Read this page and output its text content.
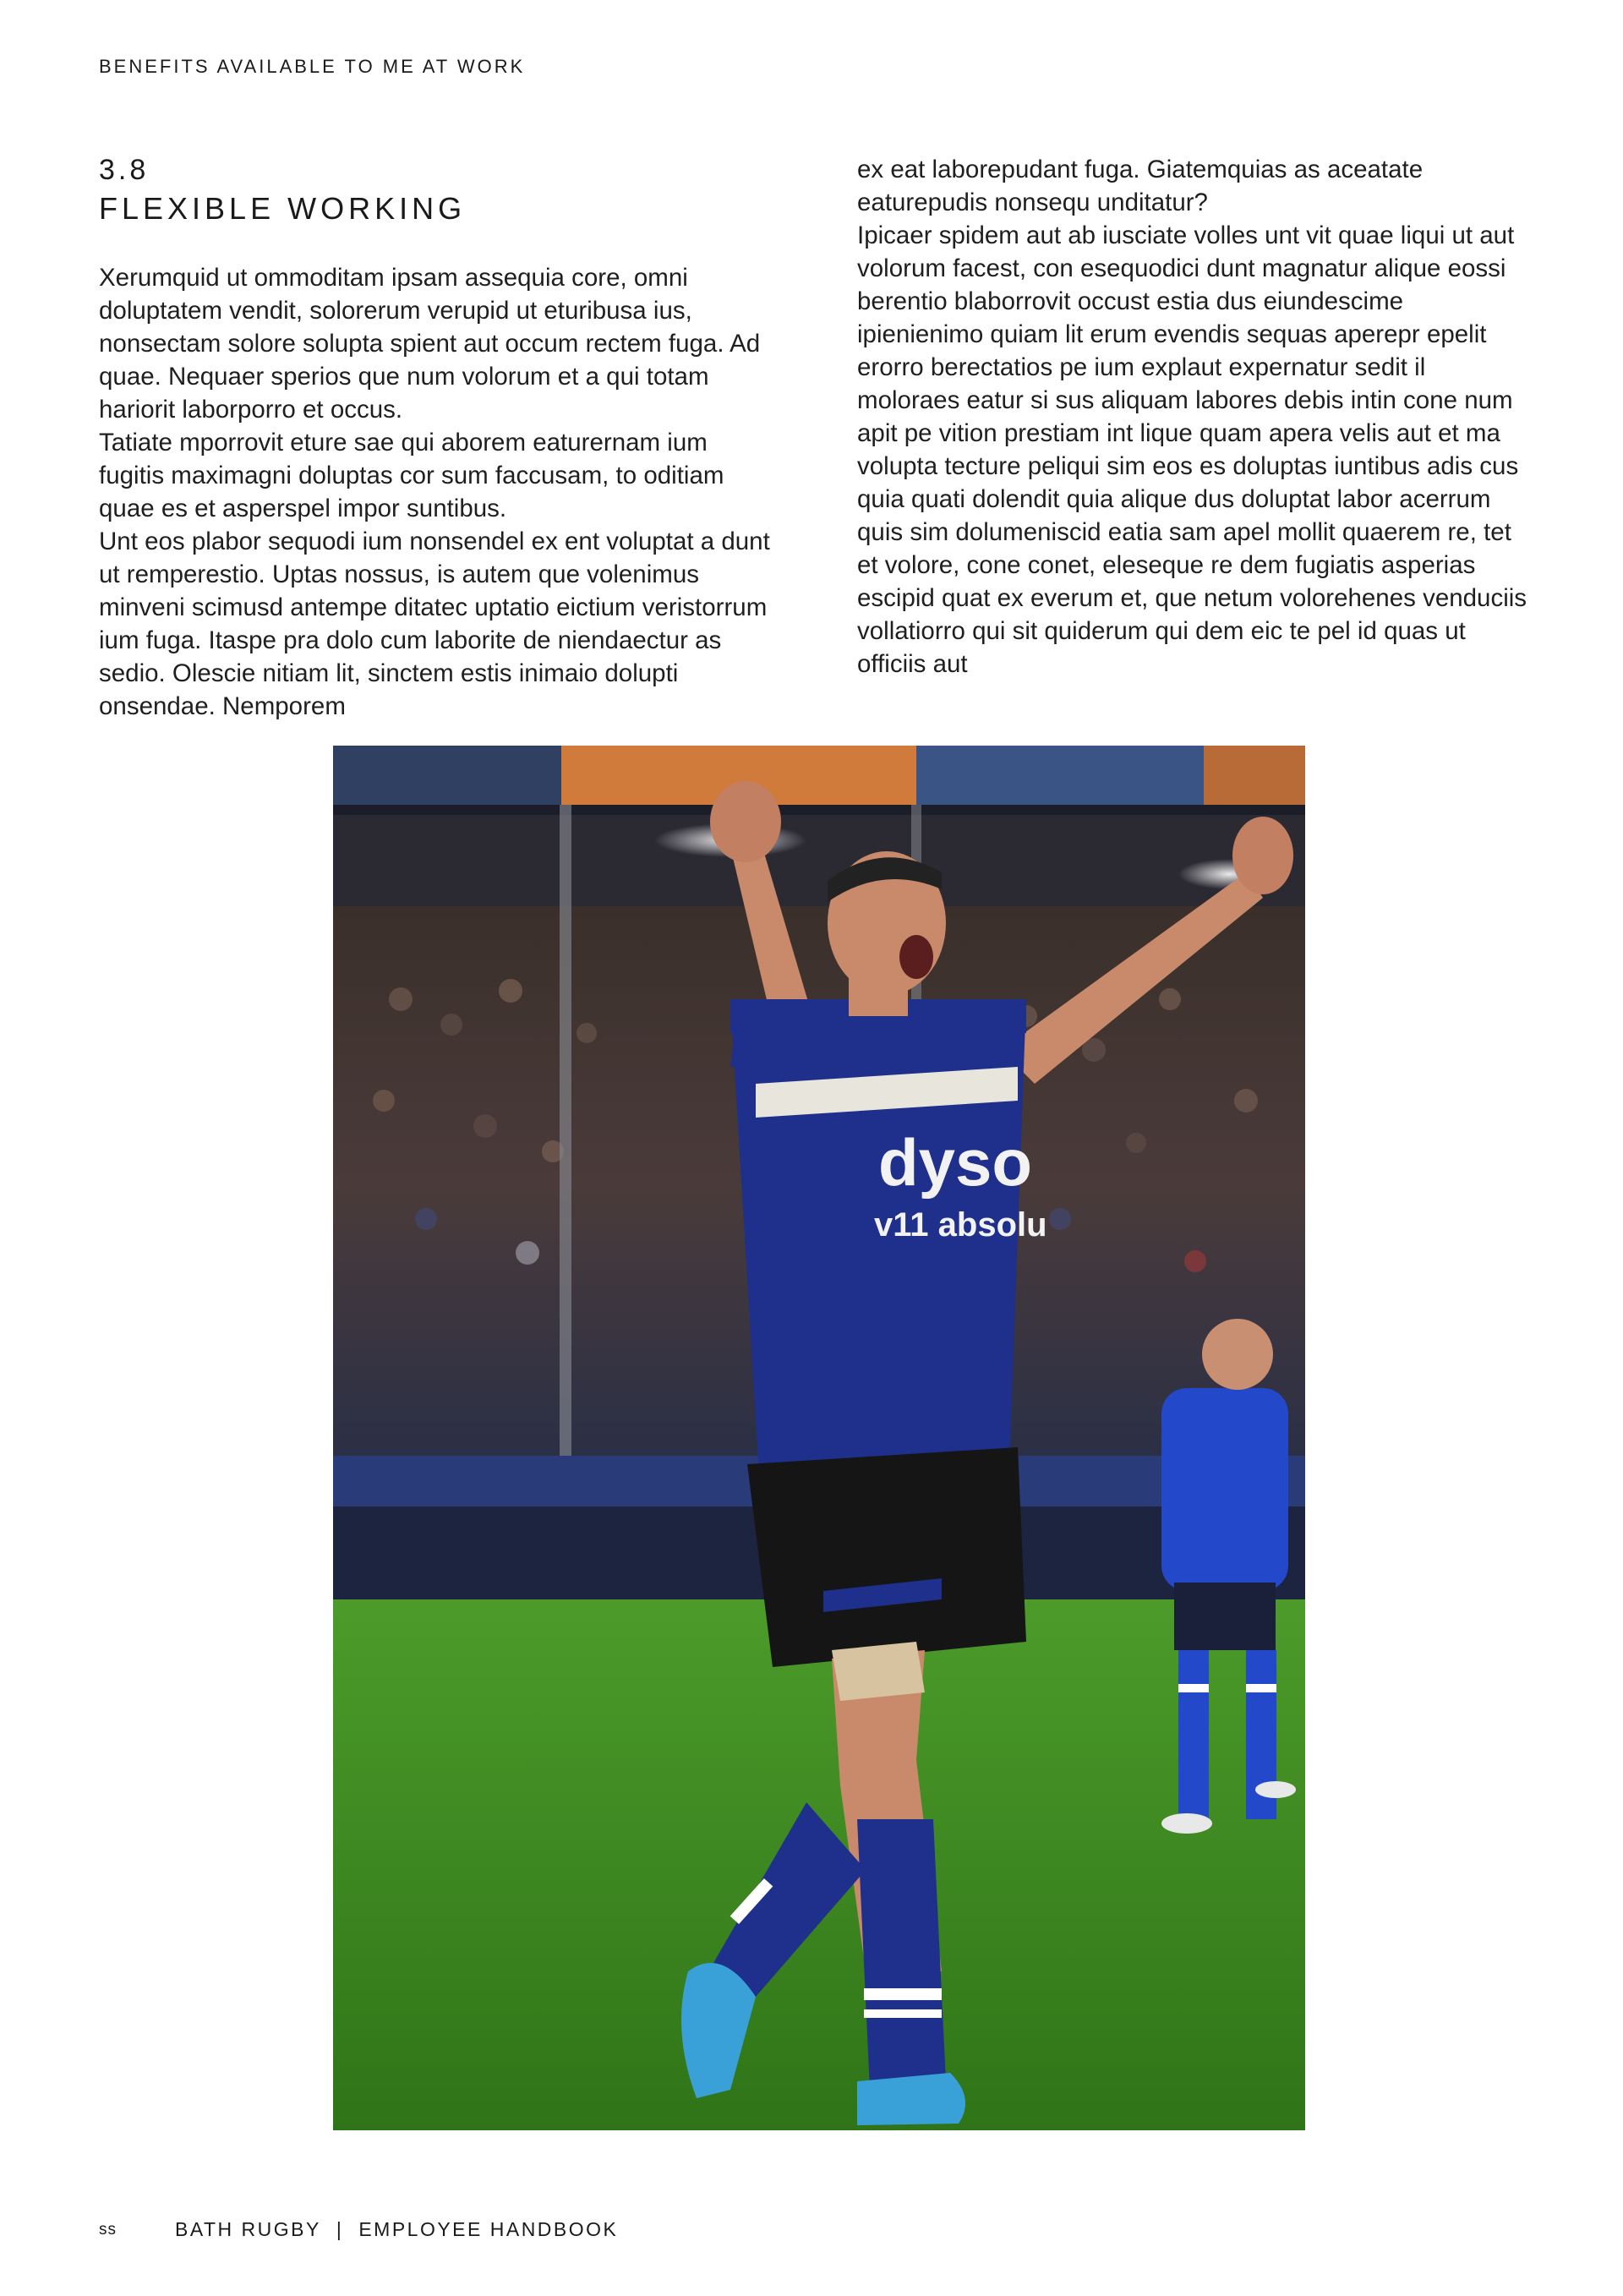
BENEFITS AVAILABLE TO ME AT WORK
3.8
FLEXIBLE WORKING

Xerumquid ut ommoditam ipsam assequia core, omni doluptatem vendit, solorerum verupid ut eturibusa ius, nonsectam solore solupta spient aut occum rectem fuga. Ad quae. Nequaer sperios que num volorum et a qui totam hariorit laborporro et occus.

Tatiate mporrovit eture sae qui aborem eaturernam ium fugitis maximagni doluptas cor sum faccusam, to oditiam quae es et asperspel impor suntibus.

Unt eos plabor sequodi ium nonsendel ex ent voluptat a dunt ut remperestio. Uptas nossus, is autem que volenimus minveni scimusd antempe ditatec uptatio eictium veristorrum ium fuga. Itaspe pra dolo cum laborite de niendaectur as sedio. Olescie nitiam lit, sinctem estis inimaio dolupti onsendae. Nemporem

ex eat laborepudant fuga. Giatemquias as aceatate eaturepudis nonsequ unditatur?

Ipicaer spidem aut ab iusciate volles unt vit quae liqui ut aut volorum facest, con esequodici dunt magnatur alique eossi berentio blaborrovit occust estia dus eiundescime ipienienimo quiam lit erum evendis sequas aperepr epelit erorro berectatios pe ium explaut expernatur sedit il moloraes eatur si sus aliquam labores debis intin cone num apit pe vition prestiam int lique quam apera velis aut et ma volupta tecture peliqui sim eos es doluptas iuntibus adis cus quia quati dolendit quia alique dus doluptat labor acerrum quis sim dolumeniscid eatia sam apel mollit quaerem re, tet et volore, cone conet, eleseque re dem fugiatis asperias escipid quat ex everum et, que netum volorehenes venduciis vollatiorro qui sit quiderum qui dem eic te pel id quas ut officiis aut

dyso
v11 absolu
ss	BATH RUGBY | EMPLOYEE HANDBOOK
